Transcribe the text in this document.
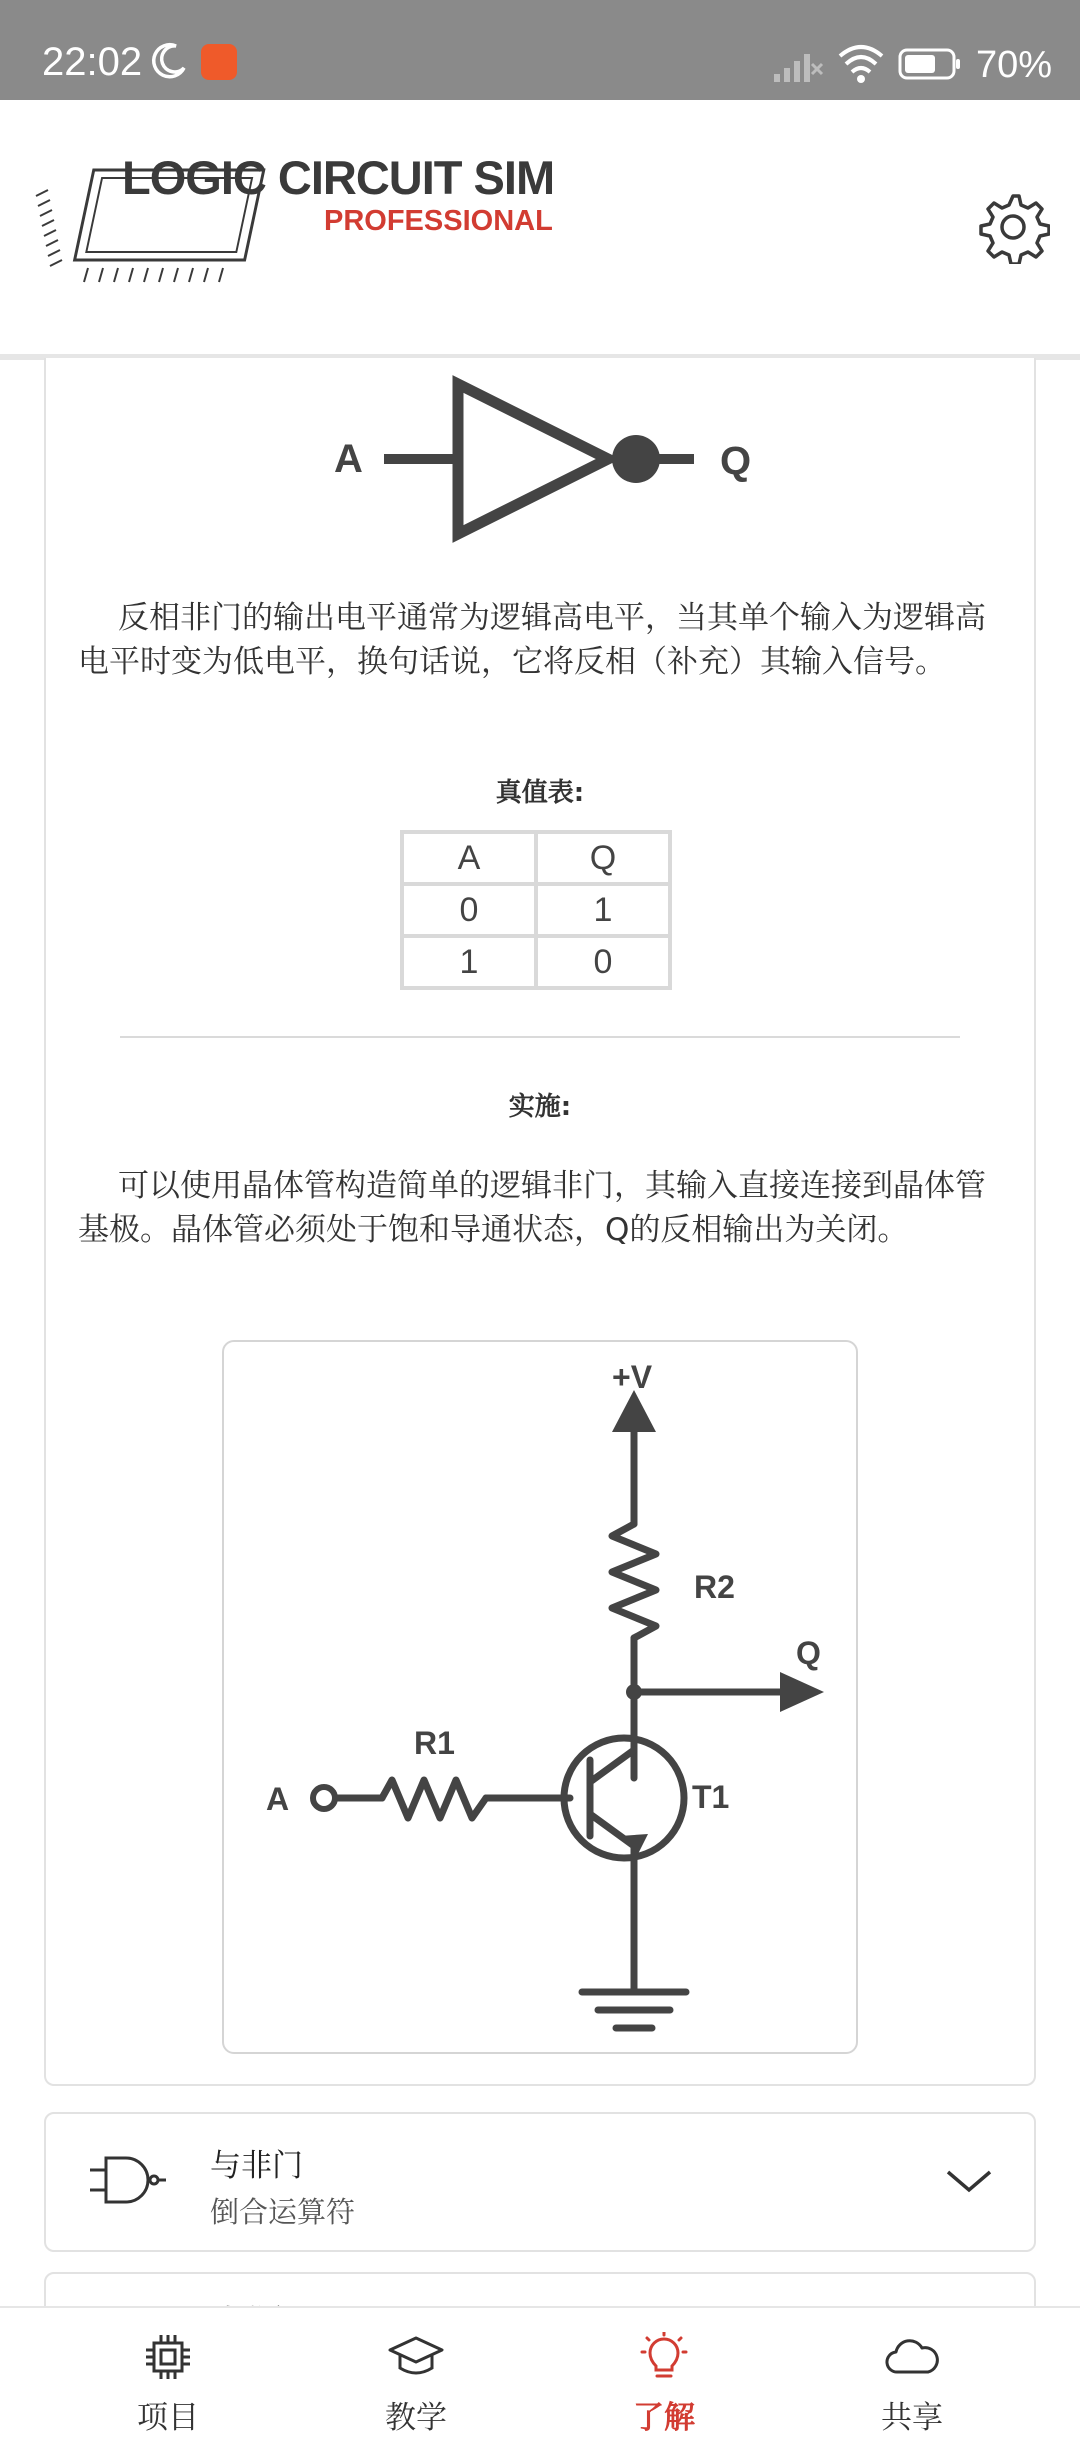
22:02	70%
LOGIC CIRCUIT SIM
PROFESSIONAL
A	Q

反相非门的输出电平通常为逻辑高电平，当其单个输入为逻辑高电平时变为低电平，换句话说，它将反相（补充）其输入信号。

真值表:
A	Q
0	1
1	0
实施:

可以使用晶体管构造简单的逻辑非门，其输入直接连接到晶体管基极。晶体管必须处于饱和导通状态，Q的反相输出为关闭。

+V
R2
Q
R1
A	T1
与非门
倒合运算符
项目	教学	了解	共享
